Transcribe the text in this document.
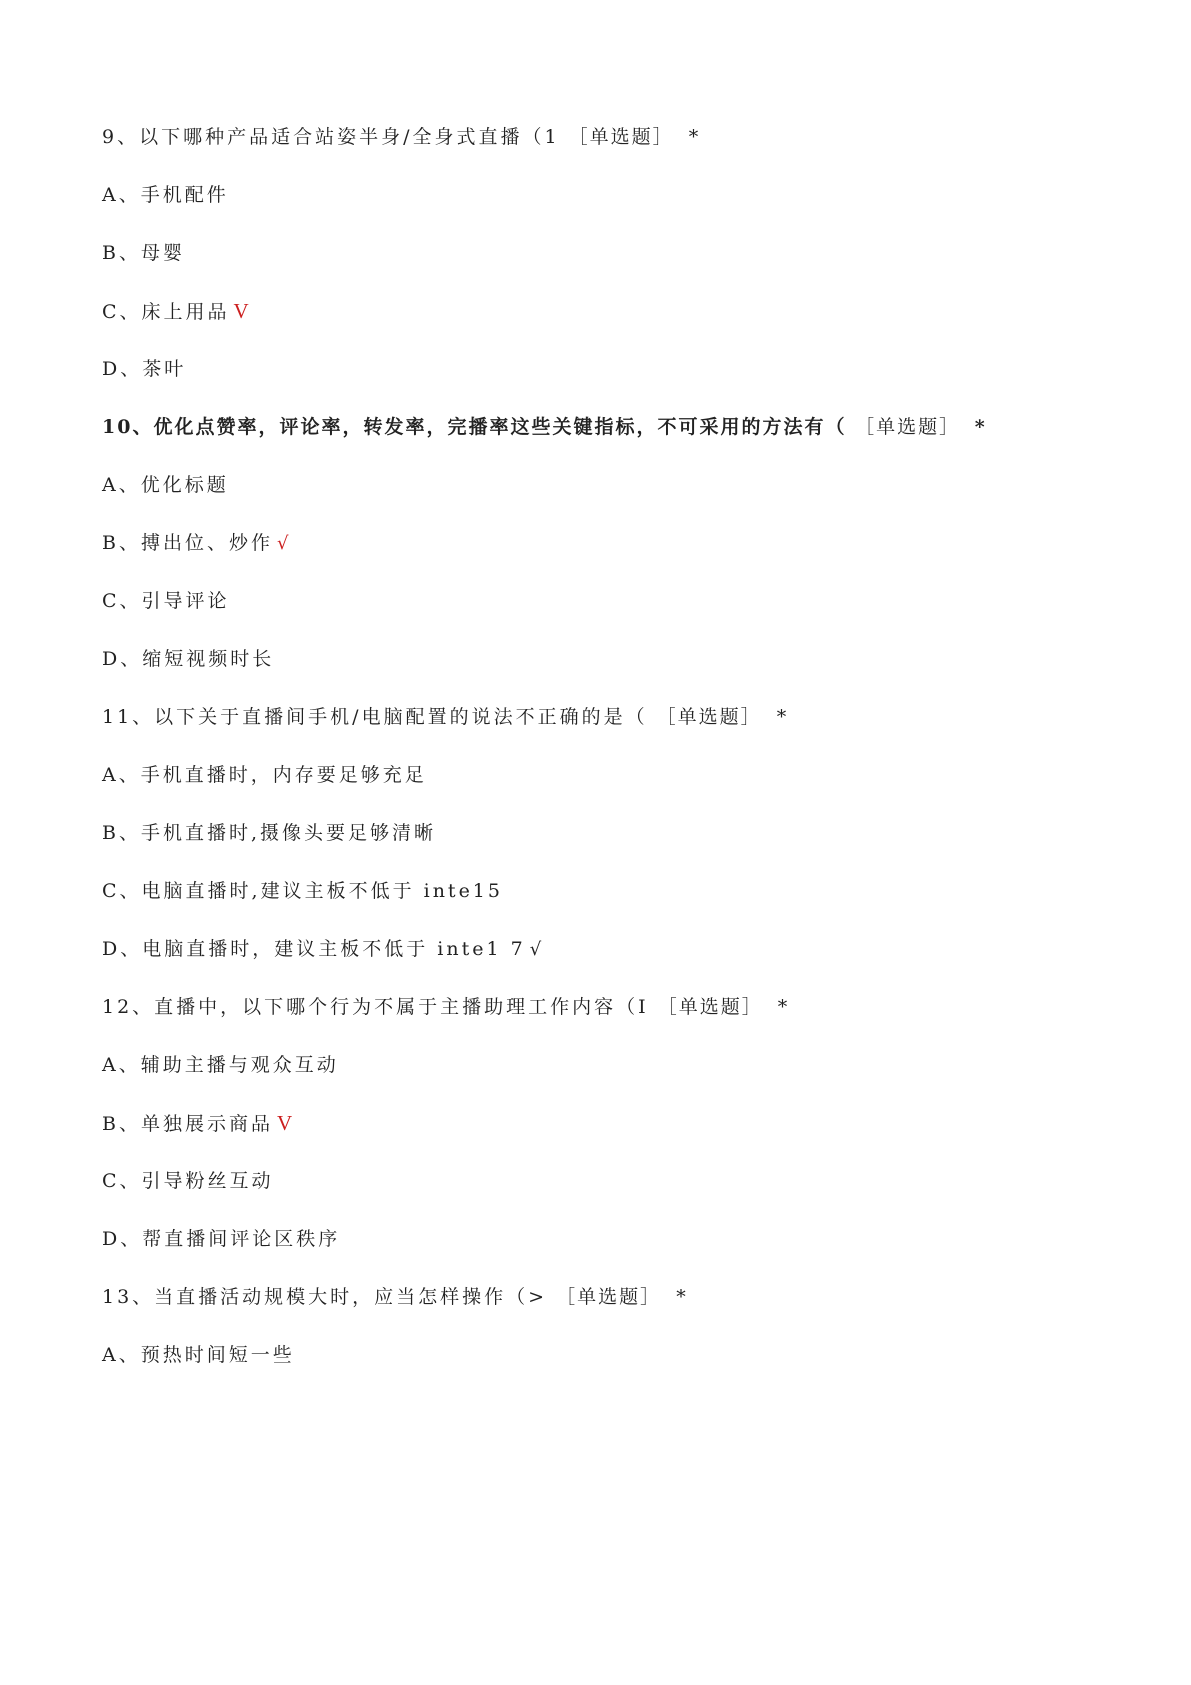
9、以下哪种产品适合站姿半身/全身式直播（1 ［单选题］ *
A、手机配件
B、母婴
C、床上用品 V
D、茶叶
10、优化点赞率，评论率，转发率，完播率这些关键指标，不可采用的方法有（ ［单选题］ *
A、优化标题
B、搏出位、炒作 √
C、引导评论
D、缩短视频时长
11、以下关于直播间手机/电脑配置的说法不正确的是（ ［单选题］ *
A、手机直播时，内存要足够充足
B、手机直播时,摄像头要足够清晰
C、电脑直播时,建议主板不低于 inte15
D、电脑直播时，建议主板不低于 inte1 7 √
12、直播中，以下哪个行为不属于主播助理工作内容（I ［单选题］ *
A、辅助主播与观众互动
B、单独展示商品 V
C、引导粉丝互动
D、帮直播间评论区秩序
13、当直播活动规模大时，应当怎样操作（> ［单选题］ *
A、预热时间短一些
